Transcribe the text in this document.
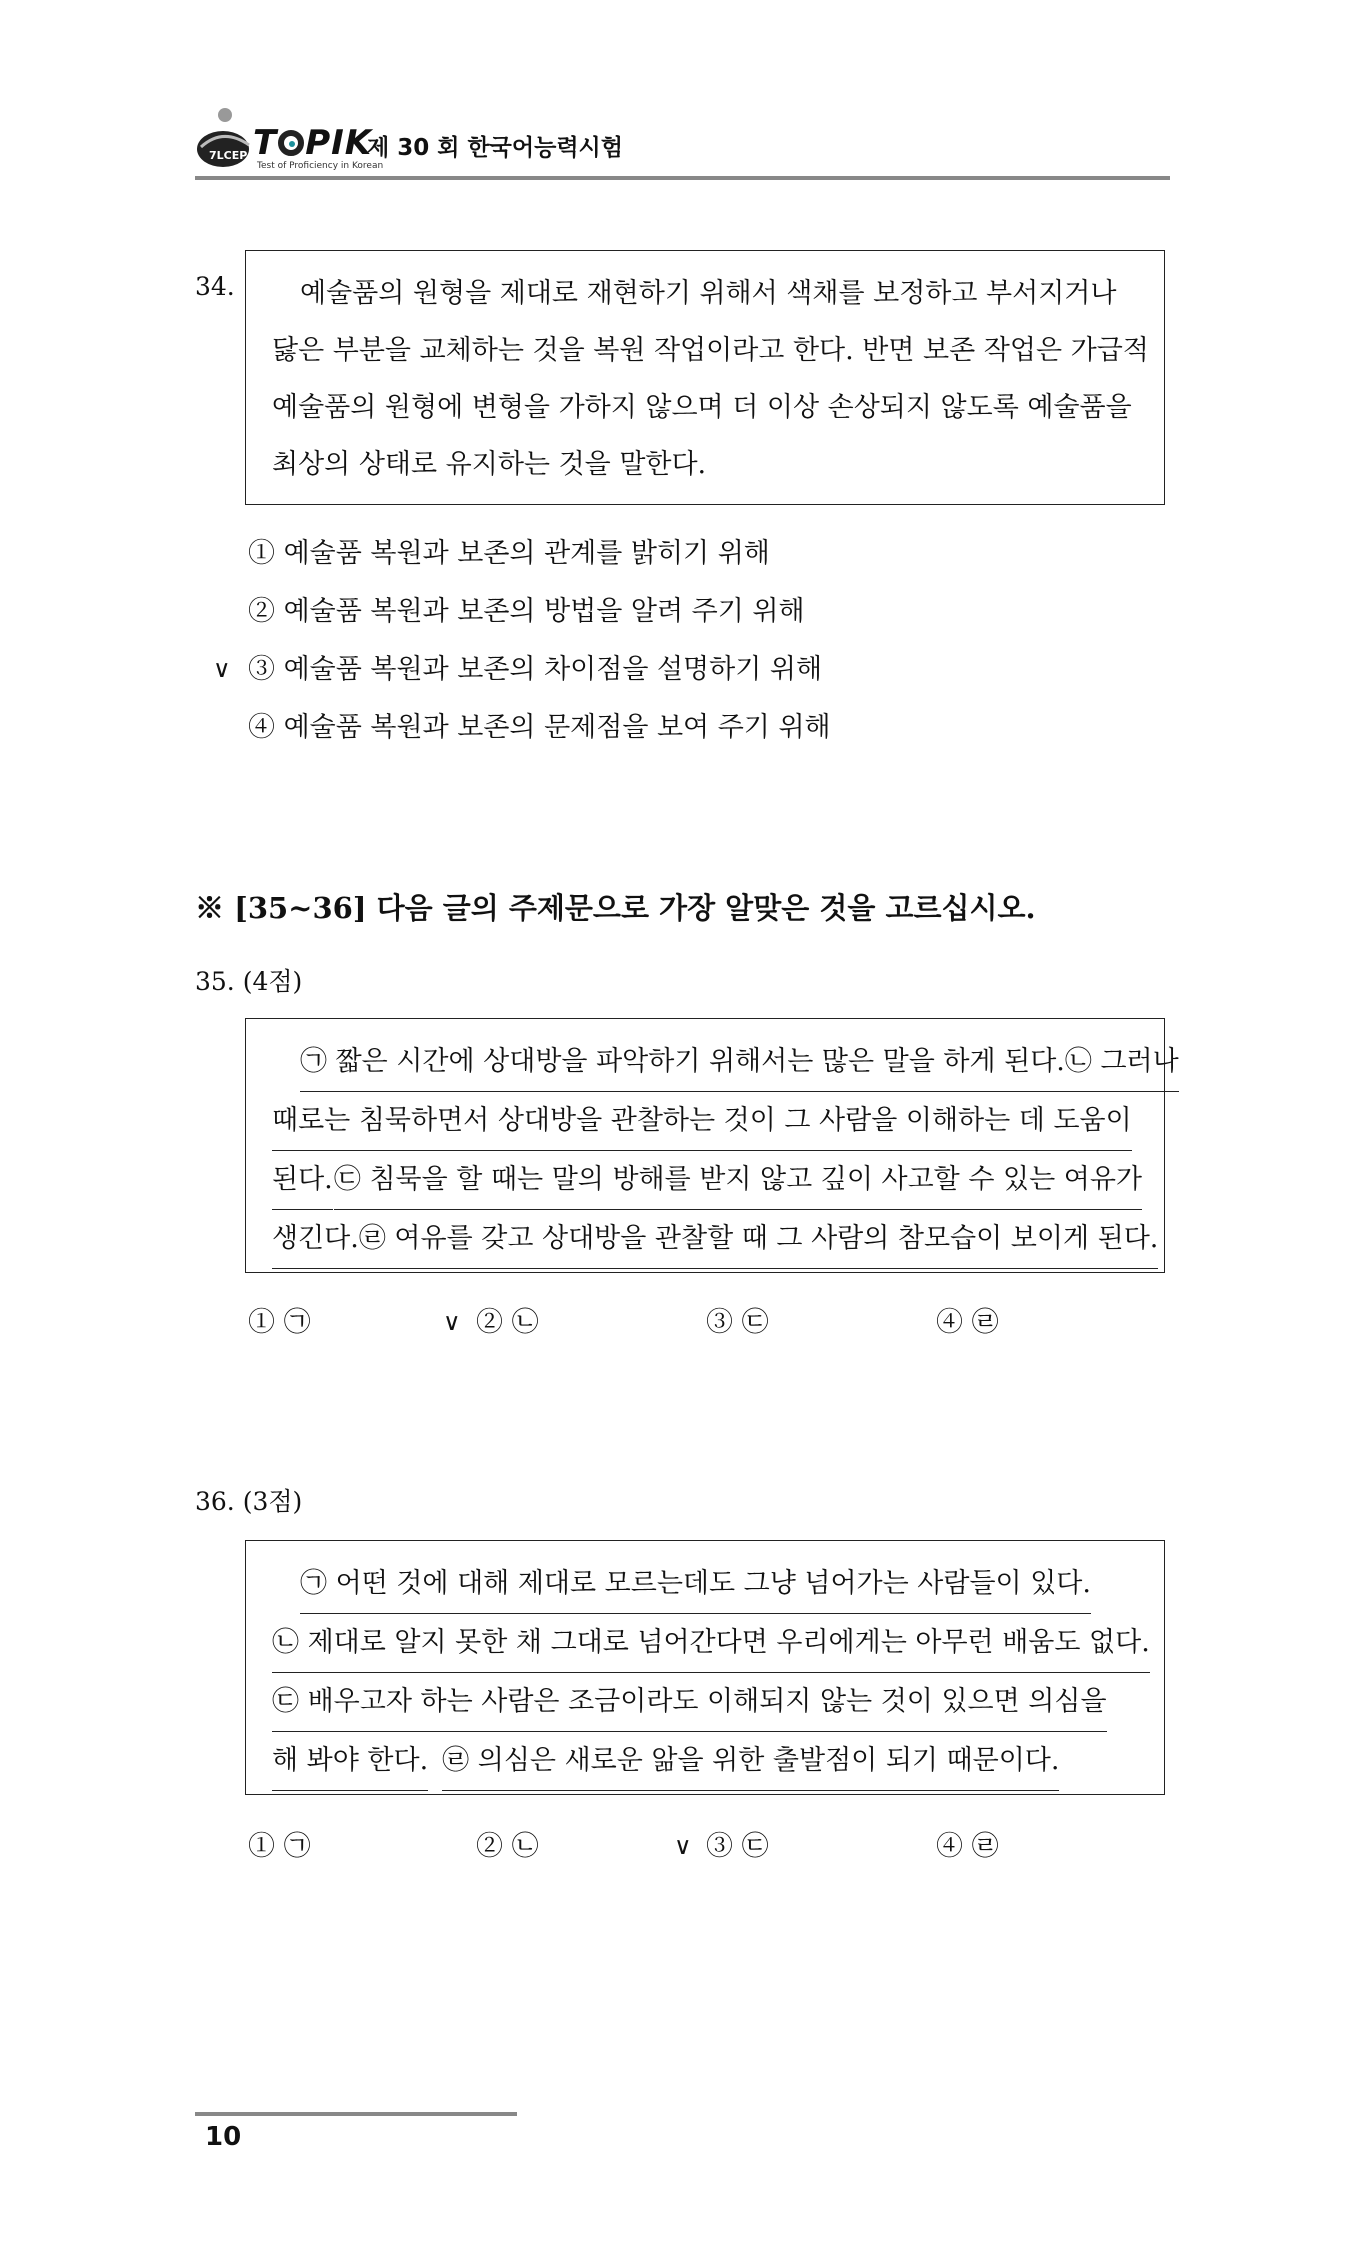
7LCEP T PIK
Test of Proficiency in Korean
제 30 회 한국어능력시험
34. 예술품의 원형을 제대로 재현하기 위해서 색채를 보정하고 부서지거나
닳은 부분을 교체하는 것을 복원 작업이라고 한다. 반면 보존 작업은 가급적
예술품의 원형에 변형을 가하지 않으며 더 이상 손상되지 않도록 예술품을
최상의 상태로 유지하는 것을 말한다.
① 예술품 복원과 보존의 관계를 밝히기 위해
② 예술품 복원과 보존의 방법을 알려 주기 위해
∨ ③ 예술품 복원과 보존의 차이점을 설명하기 위해
④ 예술품 복원과 보존의 문제점을 보여 주기 위해
※ [35~36] 다음 글의 주제문으로 가장 알맞은 것을 고르십시오.
35. (4점)
㉠ 짧은 시간에 상대방을 파악하기 위해서는 많은 말을 하게 된다. ㉡ 그러나
때로는 침묵하면서 상대방을 관찰하는 것이 그 사람을 이해하는 데 도움이
된다. ㉢ 침묵을 할 때는 말의 방해를 받지 않고 깊이 사고할 수 있는 여유가
생긴다. ㉣ 여유를 갖고 상대방을 관찰할 때 그 사람의 참모습이 보이게 된다.
① ㉠	∨ ② ㉡	③ ㉢	④ ㉣
36. (3점)
㉠ 어떤 것에 대해 제대로 모르는데도 그냥 넘어가는 사람들이 있다.
㉡ 제대로 알지 못한 채 그대로 넘어간다면 우리에게는 아무런 배움도 없다.
㉢ 배우고자 하는 사람은 조금이라도 이해되지 않는 것이 있으면 의심을
해 봐야 한다. ㉣ 의심은 새로운 앎을 위한 출발점이 되기 때문이다.
① ㉠	② ㉡	∨ ③ ㉢	④ ㉣
10
